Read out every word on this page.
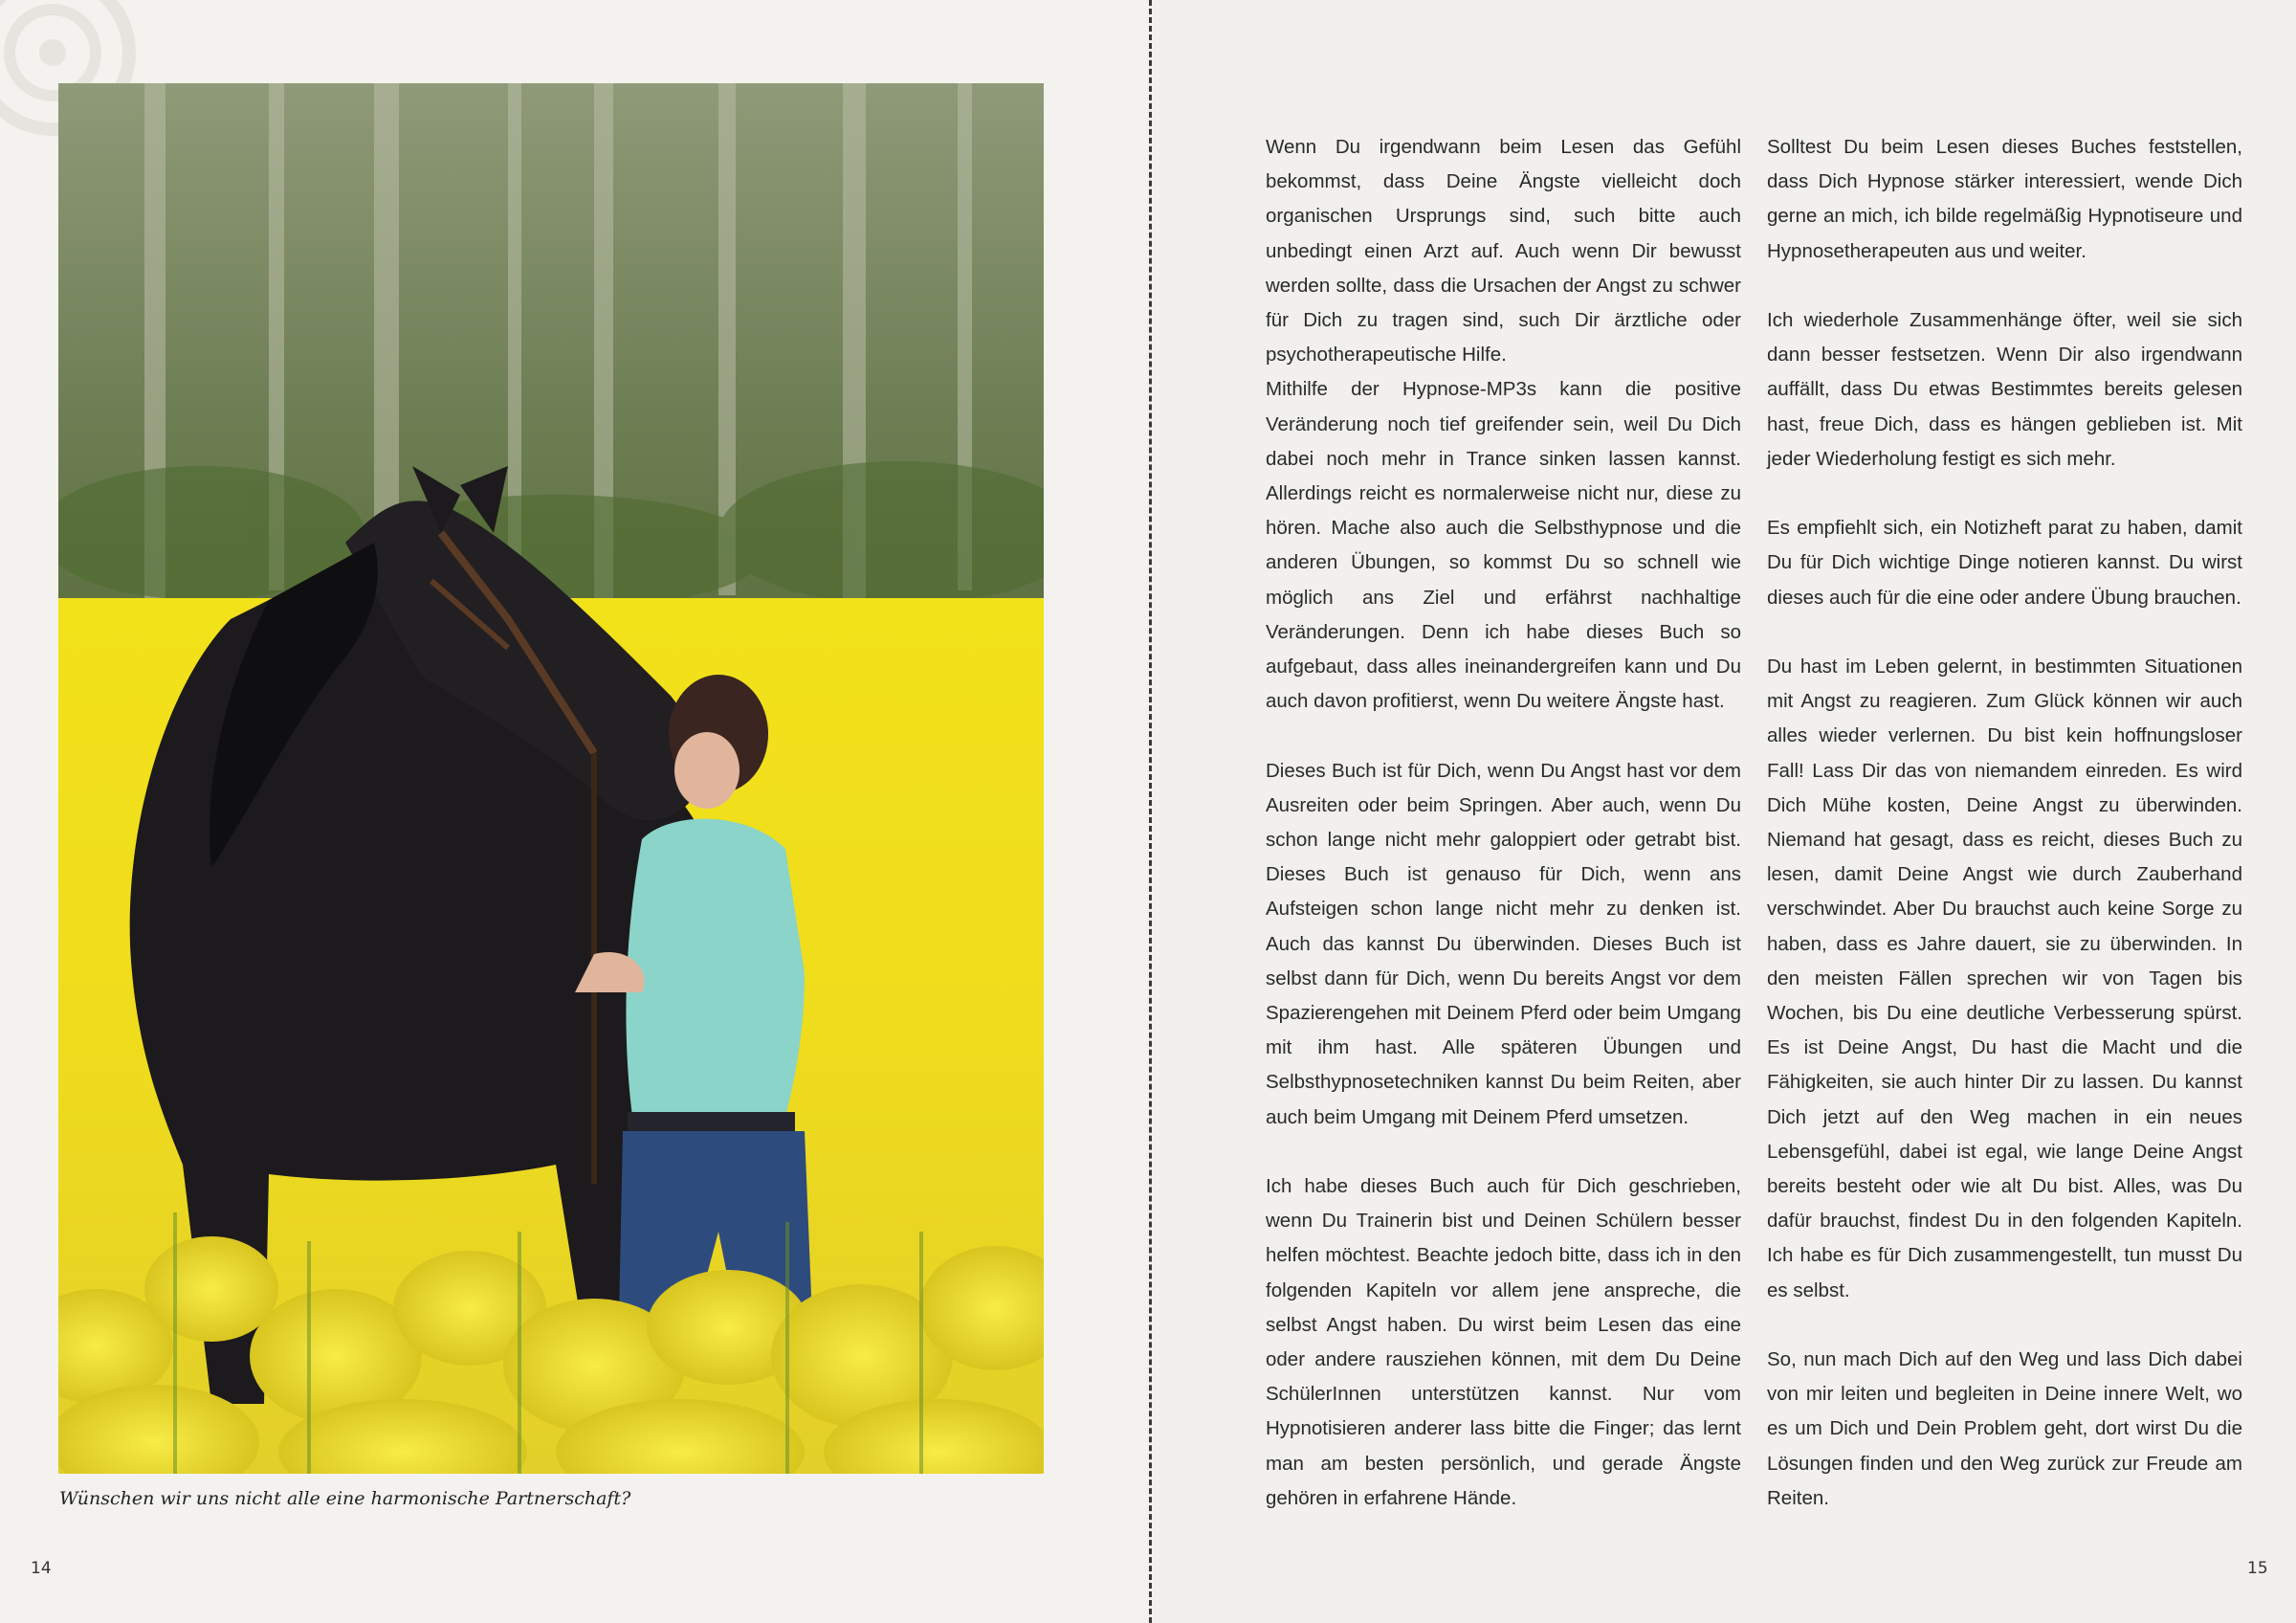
Wünschen wir uns nicht alle eine harmonische Partnerschaft?
14

Wenn Du irgendwann beim Lesen das Gefühl bekommst, dass Deine Ängste vielleicht doch organischen Ursprungs sind, such bitte auch unbedingt einen Arzt auf. Auch wenn Dir bewusst werden sollte, dass die Ursachen der Angst zu schwer für Dich zu tragen sind, such Dir ärztliche oder psychotherapeutische Hilfe.

Mithilfe der Hypnose-MP3s kann die positive Veränderung noch tief greifender sein, weil Du Dich dabei noch mehr in Trance sinken lassen kannst. Allerdings reicht es normalerweise nicht nur, diese zu hören. Mache also auch die Selbsthypnose und die anderen Übungen, so kommst Du so schnell wie möglich ans Ziel und erfährst nachhaltige Veränderungen. Denn ich habe dieses Buch so aufgebaut, dass alles ineinandergreifen kann und Du auch davon profitierst, wenn Du weitere Ängste hast.

Dieses Buch ist für Dich, wenn Du Angst hast vor dem Ausreiten oder beim Springen. Aber auch, wenn Du schon lange nicht mehr galoppiert oder getrabt bist. Dieses Buch ist genauso für Dich, wenn ans Aufsteigen schon lange nicht mehr zu denken ist. Auch das kannst Du überwinden. Dieses Buch ist selbst dann für Dich, wenn Du bereits Angst vor dem Spazierengehen mit Deinem Pferd oder beim Umgang mit ihm hast. Alle späteren Übungen und Selbsthypnosetechniken kannst Du beim Reiten, aber auch beim Umgang mit Deinem Pferd umsetzen.

Ich habe dieses Buch auch für Dich geschrieben, wenn Du Trainerin bist und Deinen Schülern besser helfen möchtest. Beachte jedoch bitte, dass ich in den folgenden Kapiteln vor allem jene anspreche, die selbst Angst haben. Du wirst beim Lesen das eine oder andere rausziehen können, mit dem Du Deine SchülerInnen unterstützen kannst. Nur vom Hypnotisieren anderer lass bitte die Finger; das lernt man am besten persönlich, und gerade Ängste gehören in erfahrene Hände.

Solltest Du beim Lesen dieses Buches feststellen, dass Dich Hypnose stärker interessiert, wende Dich gerne an mich, ich bilde regelmäßig Hypnotiseure und Hypnosetherapeuten aus und weiter.

Ich wiederhole Zusammenhänge öfter, weil sie sich dann besser festsetzen. Wenn Dir also irgendwann auffällt, dass Du etwas Bestimmtes bereits gelesen hast, freue Dich, dass es hängen geblieben ist. Mit jeder Wiederholung festigt es sich mehr.

Es empfiehlt sich, ein Notizheft parat zu haben, damit Du für Dich wichtige Dinge notieren kannst. Du wirst dieses auch für die eine oder andere Übung brauchen.

Du hast im Leben gelernt, in bestimmten Situationen mit Angst zu reagieren. Zum Glück können wir auch alles wieder verlernen. Du bist kein hoffnungsloser Fall! Lass Dir das von niemandem einreden. Es wird Dich Mühe kosten, Deine Angst zu überwinden. Niemand hat gesagt, dass es reicht, dieses Buch zu lesen, damit Deine Angst wie durch Zauberhand verschwindet. Aber Du brauchst auch keine Sorge zu haben, dass es Jahre dauert, sie zu überwinden. In den meisten Fällen sprechen wir von Tagen bis Wochen, bis Du eine deutliche Verbesserung spürst. Es ist Deine Angst, Du hast die Macht und die Fähigkeiten, sie auch hinter Dir zu lassen. Du kannst Dich jetzt auf den Weg machen in ein neues Lebensgefühl, dabei ist egal, wie lange Deine Angst bereits besteht oder wie alt Du bist. Alles, was Du dafür brauchst, findest Du in den folgenden Kapiteln. Ich habe es für Dich zusammengestellt, tun musst Du es selbst.

So, nun mach Dich auf den Weg und lass Dich dabei von mir leiten und begleiten in Deine innere Welt, wo es um Dich und Dein Problem geht, dort wirst Du die Lösungen finden und den Weg zurück zur Freude am Reiten.

15
